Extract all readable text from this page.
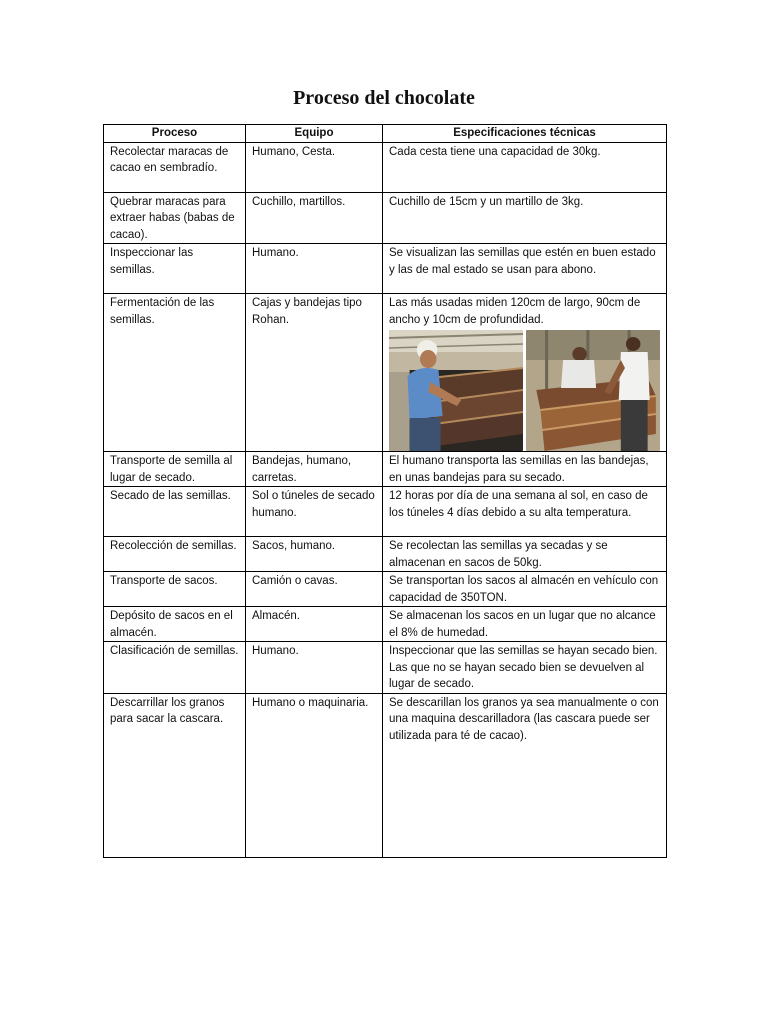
Proceso del chocolate
Proceso	Equipo	Especificaciones técnicas
Recolectar maracas de cacao en sembradío.	Humano, Cesta.	Cada cesta tiene una capacidad de 30kg.
Quebrar maracas para extraer habas (babas de cacao).	Cuchillo, martillos.	Cuchillo de 15cm y un martillo de 3kg.
Inspeccionar las semillas.	Humano.	Se visualizan las semillas que estén en buen estado y las de mal estado se usan para abono.
Fermentación de las semillas.	Cajas y bandejas tipo Rohan.	Las más usadas miden 120cm de largo, 90cm de ancho y 10cm de profundidad.

Transporte de semilla al lugar de secado.	Bandejas, humano, carretas.	El humano transporta las semillas en las bandejas, en unas bandejas para su secado.
Secado de las semillas.	Sol o túneles de secado humano.	12 horas por día de una semana al sol, en caso de los túneles 4 días debido a su alta temperatura.
Recolección de semillas.	Sacos, humano.	Se recolectan las semillas ya secadas y se almacenan en sacos de 50kg.
Transporte de sacos.	Camión o cavas.	Se transportan los sacos al almacén en vehículo con capacidad de 350TON.
Depósito de sacos en el almacén.	Almacén.	Se almacenan los sacos en un lugar que no alcance el 8% de humedad.
Clasificación de semillas.	Humano.	Inspeccionar que las semillas se hayan secado bien. Las que no se hayan secado bien se devuelven al lugar de secado.
Descarrillar los granos para sacar la cascara.	Humano o maquinaria.	Se descarillan los granos ya sea manualmente o con una maquina descarilladora (las cascara puede ser utilizada para té de cacao).
